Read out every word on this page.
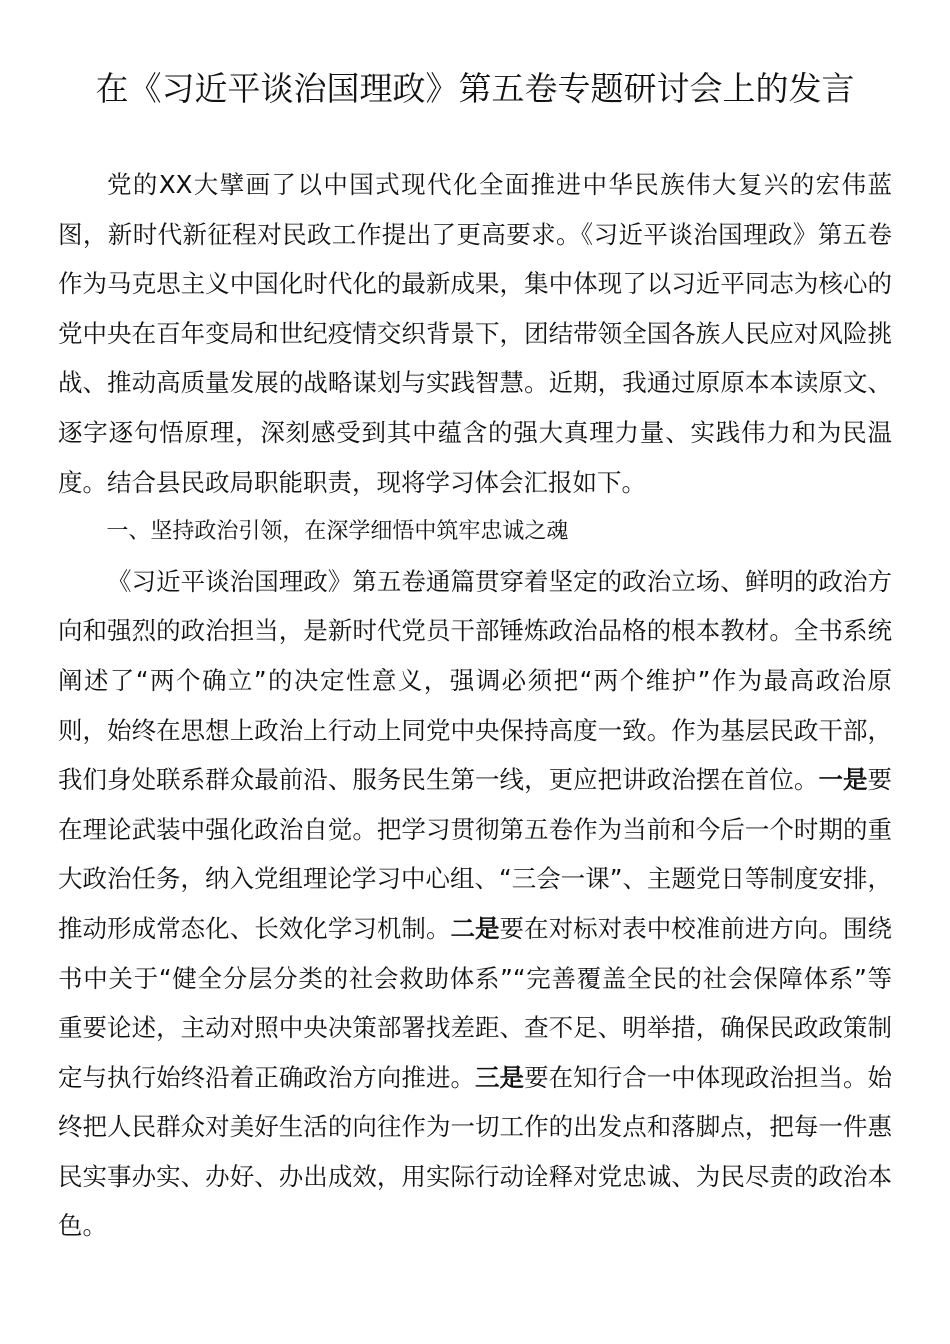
在《习近平谈治国理政》第五卷专题研讨会上的发言

党的XX大擘画了以中国式现代化全面推进中华民族伟大复兴的宏伟蓝图，新时代新征程对民政工作提出了更高要求。《习近平谈治国理政》第五卷作为马克思主义中国化时代化的最新成果，集中体现了以习近平同志为核心的党中央在百年变局和世纪疫情交织背景下，团结带领全国各族人民应对风险挑战、推动高质量发展的战略谋划与实践智慧。近期，我通过原原本本读原文、逐字逐句悟原理，深刻感受到其中蕴含的强大真理力量、实践伟力和为民温度。结合县民政局职能职责，现将学习体会汇报如下。

一、坚持政治引领，在深学细悟中筑牢忠诚之魂

《习近平谈治国理政》第五卷通篇贯穿着坚定的政治立场、鲜明的政治方向和强烈的政治担当，是新时代党员干部锤炼政治品格的根本教材。全书系统阐述了“两个确立”的决定性意义，强调必须把“两个维护”作为最高政治原则，始终在思想上政治上行动上同党中央保持高度一致。作为基层民政干部，我们身处联系群众最前沿、服务民生第一线，更应把讲政治摆在首位。一是要在理论武装中强化政治自觉。把学习贯彻第五卷作为当前和今后一个时期的重大政治任务，纳入党组理论学习中心组、“三会一课”、主题党日等制度安排，推动形成常态化、长效化学习机制。二是要在对标对表中校准前进方向。围绕书中关于“健全分层分类的社会救助体系”“完善覆盖全民的社会保障体系”等重要论述，主动对照中央决策部署找差距、查不足、明举措，确保民政政策制定与执行始终沿着正确政治方向推进。三是要在知行合一中体现政治担当。始终把人民群众对美好生活的向往作为一切工作的出发点和落脚点，把每一件惠民实事办实、办好、办出成效，用实际行动诠释对党忠诚、为民尽责的政治本色。
